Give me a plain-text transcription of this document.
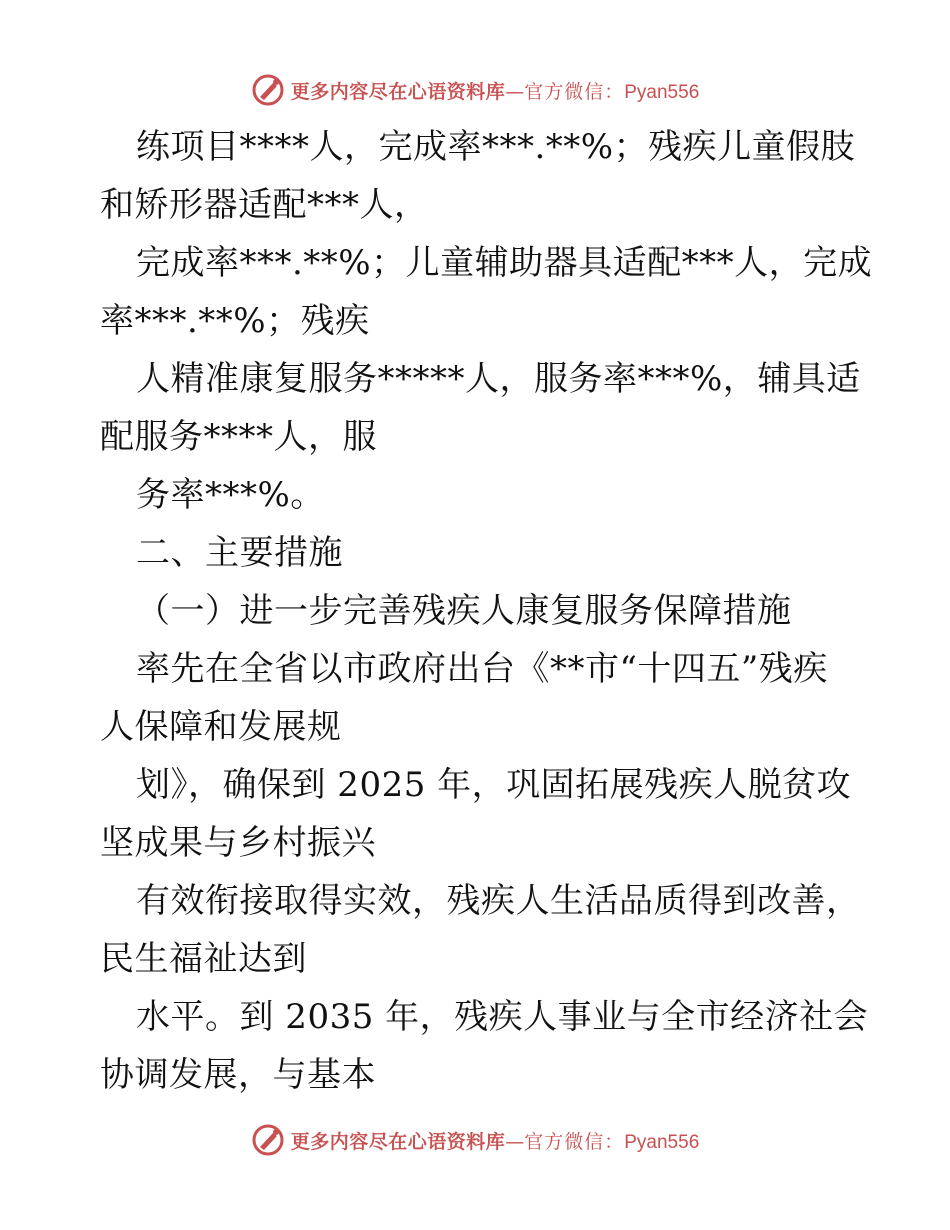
更多内容尽在心语资料库 — 官方微信： Pyan556
练项目****人，完成率***.**%；残疾儿童假肢
和矫形器适配***人，
完成率***.**%；儿童辅助器具适配***人，完成
率***.**%；残疾
人精准康复服务*****人，服务率***%，辅具适
配服务****人，服
务率***%。
二、主要措施
（一）进一步完善残疾人康复服务保障措施
率先在全省以市政府出台《**市“十四五”残疾
人保障和发展规
划》，确保到 2025 年，巩固拓展残疾人脱贫攻
坚成果与乡村振兴
有效衔接取得实效，残疾人生活品质得到改善，
民生福祉达到
水平。到 2035 年，残疾人事业与全市经济社会
协调发展，与基本
更多内容尽在心语资料库 — 官方微信： Pyan556
